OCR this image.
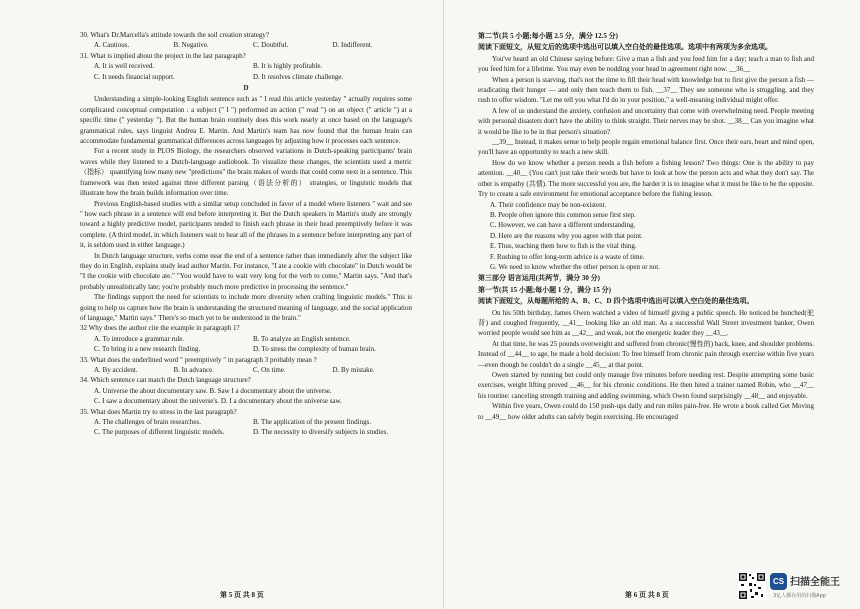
30. What's Dr.Marcella's attitude towards the soil creation strategy?

A. Cautious.	B. Negative.	C. Doubtful.	D. Indifferent.

31. What is implied about the project in the last paragraph?

A. It is well received.	B. It is highly profitable.
C. It needs financial support.	D. It resolves climate challenge.

D

Understanding a simple-looking English sentence such as " I read this article yesterday " actually requires some complicated conceptual computation : a subject (" I ") performed an action (" read ") on an object (" article ") at a specific time (" yesterday "). But the human brain routinely does this work nearly at once based on the language's grammatical rules, says linguist Andrea E. Martin. And Martin's team has now found that the human brain can accommodate fundamental grammatical differences across languages by adjusting how it processes each sentence.

For a recent study in PLOS Biology, the researchers observed variations in Dutch-speaking participants' brain waves while they listened to a Dutch-language audiobook. To visualize these changes, the scientists used a metric（指标） quantifying how many new "predictions" the brain makes of words that could come next in a sentence. This framework was then tested against three different parsing（语法分析的） strategies, or linguistic models that illustrate how the brain builds information over time.

Previous English-based studies with a similar setup concluded in favor of a model where listeners " wait and see " how each phrase in a sentence will end before interpreting it. But the Dutch speakers in Martin's study are strongly toward a highly predictive model, participants tended to finish each phrase in their head preemptively before it was complete. (A third model, in which listeners wait to hear all of the phrases in a sentence before interpreting any part of it, is seldom used in either language.)

In Dutch language structure, verbs come near the end of a sentence rather than immediately after the subject like they do in English, explains study lead author Martin. For instance, "I ate a cookie with chocolate" in Dutch would be "I the cookie with chocolate ate." "You would have to wait very long for the verb to come," Martin says. "And that's probably unrealistically late; you're probably much more predictive in processing the sentence."

The findings support the need for scientists to include more diversity when crafting linguistic models." This is going to help us capture how the brain is understanding the structured meaning of language, and the social application of language," Martin says." There's so much yet to be understood in the brain."

32 Why does the author cite the example in paragraph 1?

A. To introduce a grammar rule.	B. To analyze an English sentence.
C. To bring in a new research finding.	D. To stress the complexity of human brain.

33. What does the underlined word " preemptively " in paragraph 3 probably mean ?

A. By accident.	B. In advance.	C. On time.	D. By mistake.

34. Which sentence can match the Dutch language structure?

A. Universe the about documentary saw. B. Saw I a documentary about the universe.
C. I saw a documentary about the universe's. D. I a documentary about the universe saw.

35. What does Martin try to stress in the last paragraph?

A. The challenges of brain researches.	B. The application of the present findings.
C. The purposes of different linguistic models.	D. The necessity to diversify subjects in studies.
第 5 页 共 8 页

第二节(共 5 小题;每小题 2.5 分，满分 12.5 分)

阅读下面短文，从短文后的选项中选出可以填入空白处的最佳选项。选项中有两项为多余选项。

You've heard an old Chinese saying before: Give a man a fish and you feed him for a day; teach a man to fish and you feed him for a lifetime. You may even be nodding your head in agreement right now. __36__

When a person is starving, that's not the time to fill their head with knowledge but to first give the person a fish — eradicating their hunger — and only then teach them to fish. __37__ They see someone who is struggling, and they rush to offer wisdom. "Let me tell you what I'd do in your position," a well-meaning individual might offer.

A few of us understand the anxiety, confusion and uncertainty that come with overwhelming need. People meeting with personal disasters don't have the ability to think straight. Their nerves may be shot. __38__ Can you imagine what it would be like to be in that person's situation?

__39__ Instead, it makes sense to help people regain emotional balance first. Once their ears, heart and mind open, you'll have an opportunity to teach a new skill.

How do we know whether a person needs a fish before a fishing lesson? Two things: One is the ability to pay attention. __40__ (You can't just take their words but have to look at how the person acts and what they don't say. The other is empathy (共情). The more successful you are, the harder it is to imagine what it must be like to be the opposite. Try to create a safe environment for emotional acceptance before the fishing lesson.

A. Their confidence may be non-existent.

B. People often ignore this common sense first step.

C. However, we can have a different understanding.

D. Here are the reasons why you agree with that point.

E. Thus, teaching them how to fish is the vital thing.

F. Rushing to offer long-term advice is a waste of time.

G. We need to know whether the other person is open or not.

第三部分 语言运用(共两节，满分 30 分)

第一节(共 15 小题;每小题 1 分，满分 15 分)

阅读下面短文，从每题所给的 A、B、C、D 四个选项中选出可以填入空白处的最佳选项。

On his 50th birthday, James Owen watched a video of himself giving a public speech. He noticed he hunched(驼背) and coughed frequently, __41__ looking like an old man. As a successful Wall Street investment banker, Owen worried people would see him as __42__ and weak, not the energetic leader they __43__.

At that time, he was 25 pounds overweight and suffered from chronic(慢性的) back, knee, and shoulder problems. Instead of __44__ to age, he made a bold decision: To free himself from chronic pain through exercise within five years—even though he couldn't do a single __45__ at that point.

Owen started by running but could only manage five minutes before needing rest. Despite attempting some basic exercises, weight lifting proved __46__ for his chronic conditions. He then hired a trainer named Robin, who __47__ his routine: canceling strength training and adding swimming, which Owen found surprisingly __48__ and enjoyable.

Within five years, Owen could do 150 push-ups daily and run miles pain-free. He wrote a book called Get Moving to __49__ how older adults can safely begin exercising. He encouraged

第 6 页 共 8 页
CS 扫描全能王
3亿人都在用的扫描App
